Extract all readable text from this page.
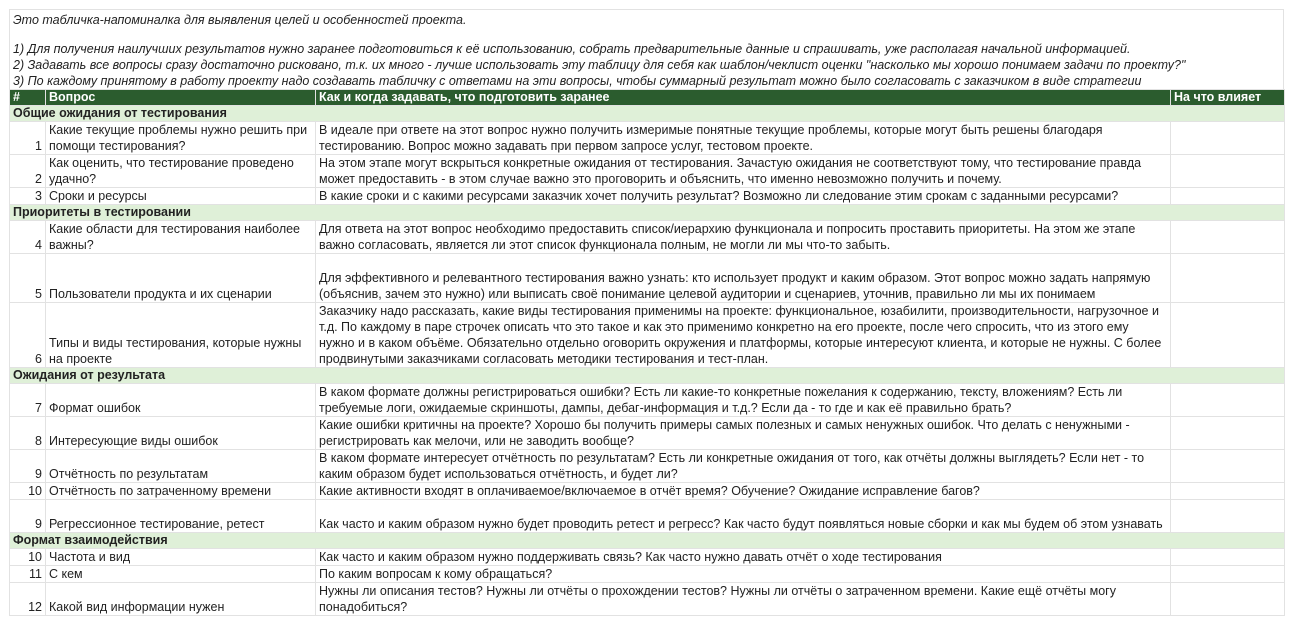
Это табличка-напоминалка для выявления целей и особенностей проекта.
1) Для получения наилучших результатов нужно заранее подготовиться к её использованию, собрать предварительные данные и спрашивать, уже располагая начальной информацией.
2) Задавать все вопросы сразу достаточно рисковано, т.к. их много - лучше использовать эту таблицу для себя как шаблон/чеклист оценки "насколько мы хорошо понимаем задачи по проекту?"
3) По каждому принятому в работу проекту надо создавать табличку с ответами на эти вопросы, чтобы суммарный результат можно было согласовать с заказчиком в виде стратегии
#	Вопрос	Как и когда задавать, что подготовить заранее	На что влияет
Общие ожидания от тестирования			
1	Какие текущие проблемы нужно решить при помощи тестирования?	В идеале при ответе на этот вопрос нужно получить измеримые понятные текущие проблемы, которые могут быть решены благодаря тестированию. Вопрос можно задавать при первом запросе услуг, тестовом проекте.	
2	Как оценить, что тестирование проведено удачно?	На этом этапе могут вскрыться конкретные ожидания от тестирования. Зачастую ожидания не соответствуют тому, что тестирование правда может предоставить - в этом случае важно это проговорить и объяснить, что именно невозможно получить и почему.	
3	Сроки и ресурсы	В какие сроки и с какими ресурсами заказчик хочет получить результат? Возможно ли следование этим срокам с заданными ресурсами?	
Приоритеты в тестировании			
4	Какие области для тестирования наиболее важны?	Для ответа на этот вопрос необходимо предоставить список/иерархию функционала и попросить проставить приоритеты. На этом же этапе важно согласовать, является ли этот список функционала полным, не могли ли мы что-то забыть.	
5	Пользователи продукта и их сценарии	Для эффективного и релевантного тестирования важно узнать: кто использует продукт и каким образом. Этот вопрос можно задать напрямую (объяснив, зачем это нужно) или выписать своё понимание целевой аудитории и сценариев, уточнив, правильно ли мы их понимаем	
6	Типы и виды тестирования, которые нужны на проекте	Заказчику надо рассказать, какие виды тестирования применимы на проекте: функциональное, юзабилити, производительности, нагрузочное и т.д. По каждому в паре строчек описать что это такое и как это применимо конкретно на его проекте, после чего спросить, что из этого ему нужно и в каком объёме. Обязательно отдельно оговорить окружения и платформы, которые интересуют клиента, и которые не нужны. С более продвинутыми заказчиками согласовать методики тестирования и тест-план.	
Ожидания от результата			
7	Формат ошибок	В каком формате должны регистрироваться ошибки? Есть ли какие-то конкретные пожелания к содержанию, тексту, вложениям? Есть ли требуемые логи, ожидаемые скриншоты, дампы, дебаг-информация и т.д.? Если да - то где и как её правильно брать?	
8	Интересующие виды ошибок	Какие ошибки критичны на проекте? Хорошо бы получить примеры самых полезных и самых ненужных ошибок. Что делать с ненужными - регистрировать как мелочи, или не заводить вообще?	
9	Отчётность по результатам	В каком формате интересует отчётность по результатам? Есть ли конкретные ожидания от того, как отчёты должны выглядеть? Если нет - то каким образом будет использоваться отчётность, и будет ли?	
10	Отчётность по затраченному времени	Какие активности входят в оплачиваемое/включаемое в отчёт время? Обучение? Ожидание исправление багов?	
9	Регрессионное тестирование, ретест	Как часто и каким образом нужно будет проводить ретест и регресс? Как часто будут появляться новые сборки и как мы будем об этом узнавать	
Формат взаимодействия			
10	Частота и вид	Как часто и каким образом нужно поддерживать связь? Как часто нужно давать отчёт о ходе тестирования	
11	С кем	По каким вопросам к кому обращаться?	
12	Какой вид информации нужен	Нужны ли описания тестов? Нужны ли отчёты о прохождении тестов? Нужны ли отчёты о затраченном времени. Какие ещё отчёты могу понадобиться?	
